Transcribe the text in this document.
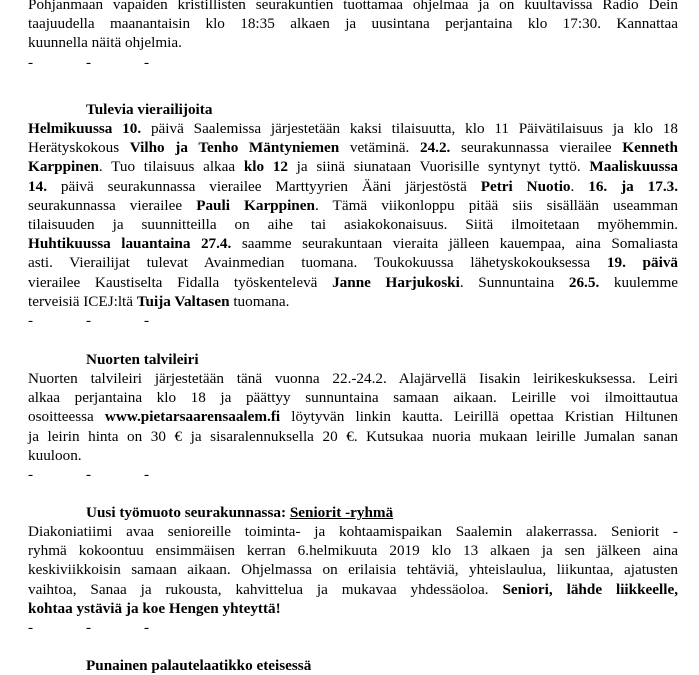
Pohjanmaan vapaiden kristillisten seurakuntien tuottamaa ohjelmaa ja on kuultavissa Radio Dein
taajuudella maanantaisin klo 18:35 alkaen ja uusintana perjantaina klo 17:30. Kannattaa
kuunnella näitä ohjelmia.
-	-	-
Tulevia vierailijoita
Helmikuussa 10. päivä Saalemissa järjestetään kaksi tilaisuutta, klo 11 Päivätilaisuus ja klo 18
Herätyskokous Vilho ja Tenho Mäntyniemen vetäminä. 24.2. seurakunnassa vierailee Kenneth
Karppinen. Tuo tilaisuus alkaa klo 12 ja siinä siunataan Vuorisille syntynyt tyttö. Maaliskuussa
14. päivä seurakunnassa vierailee Marttyyrien Ääni järjestöstä Petri Nuotio. 16. ja 17.3.
seurakunnassa vierailee Pauli Karppinen. Tämä viikonloppu pitää siis sisällään useamman
tilaisuuden ja suunnitteilla on aihe tai asiakokonaisuus. Siitä ilmoitetaan myöhemmin.
Huhtikuussa lauantaina 27.4. saamme seurakuntaan vieraita jälleen kauempaa, aina Somaliasta
asti. Vierailijat tulevat Avainmedian tuomana. Toukokuussa lähetyskokouksessa 19. päivä
vierailee Kaustiselta Fidalla työskentelevä Janne Harjukoski. Sunnuntaina 26.5. kuulemme
terveisiä ICEJ:ltä Tuija Valtasen tuomana.
-	-	-
Nuorten talvileiri
Nuorten talvileiri järjestetään tänä vuonna 22.-24.2. Alajärvellä Iisakin leirikeskuksessa. Leiri
alkaa perjantaina klo 18 ja päättyy sunnuntaina samaan aikaan. Leirille voi ilmoittautua
osoitteessa www.pietarsaarensaalem.fi löytyvän linkin kautta. Leirillä opettaa Kristian Hiltunen
ja leirin hinta on 30 € ja sisaralennuksella 20 €. Kutsukaa nuoria mukaan leirille Jumalan sanan
kuuloon.
-	-	-
Uusi työmuoto seurakunnassa: Seniorit -ryhmä
Diakoniatiimi avaa senioreille toiminta- ja kohtaamispaikan Saalemin alakerrassa. Seniorit -
ryhmä kokoontuu ensimmäisen kerran 6.helmikuuta 2019 klo 13 alkaen ja sen jälkeen aina
keskiviikkoisin samaan aikaan. Ohjelmassa on erilaisia tehtäviä, yhteislaulua, liikuntaa, ajatusten
vaihtoa, Sanaa ja rukousta, kahvittelua ja mukavaa yhdessäoloa. Seniori, lähde liikkeelle,
kohtaa ystäviä ja koe Hengen yhteyttä!
-	-	-
Punainen palautelaatikko eteisessä
